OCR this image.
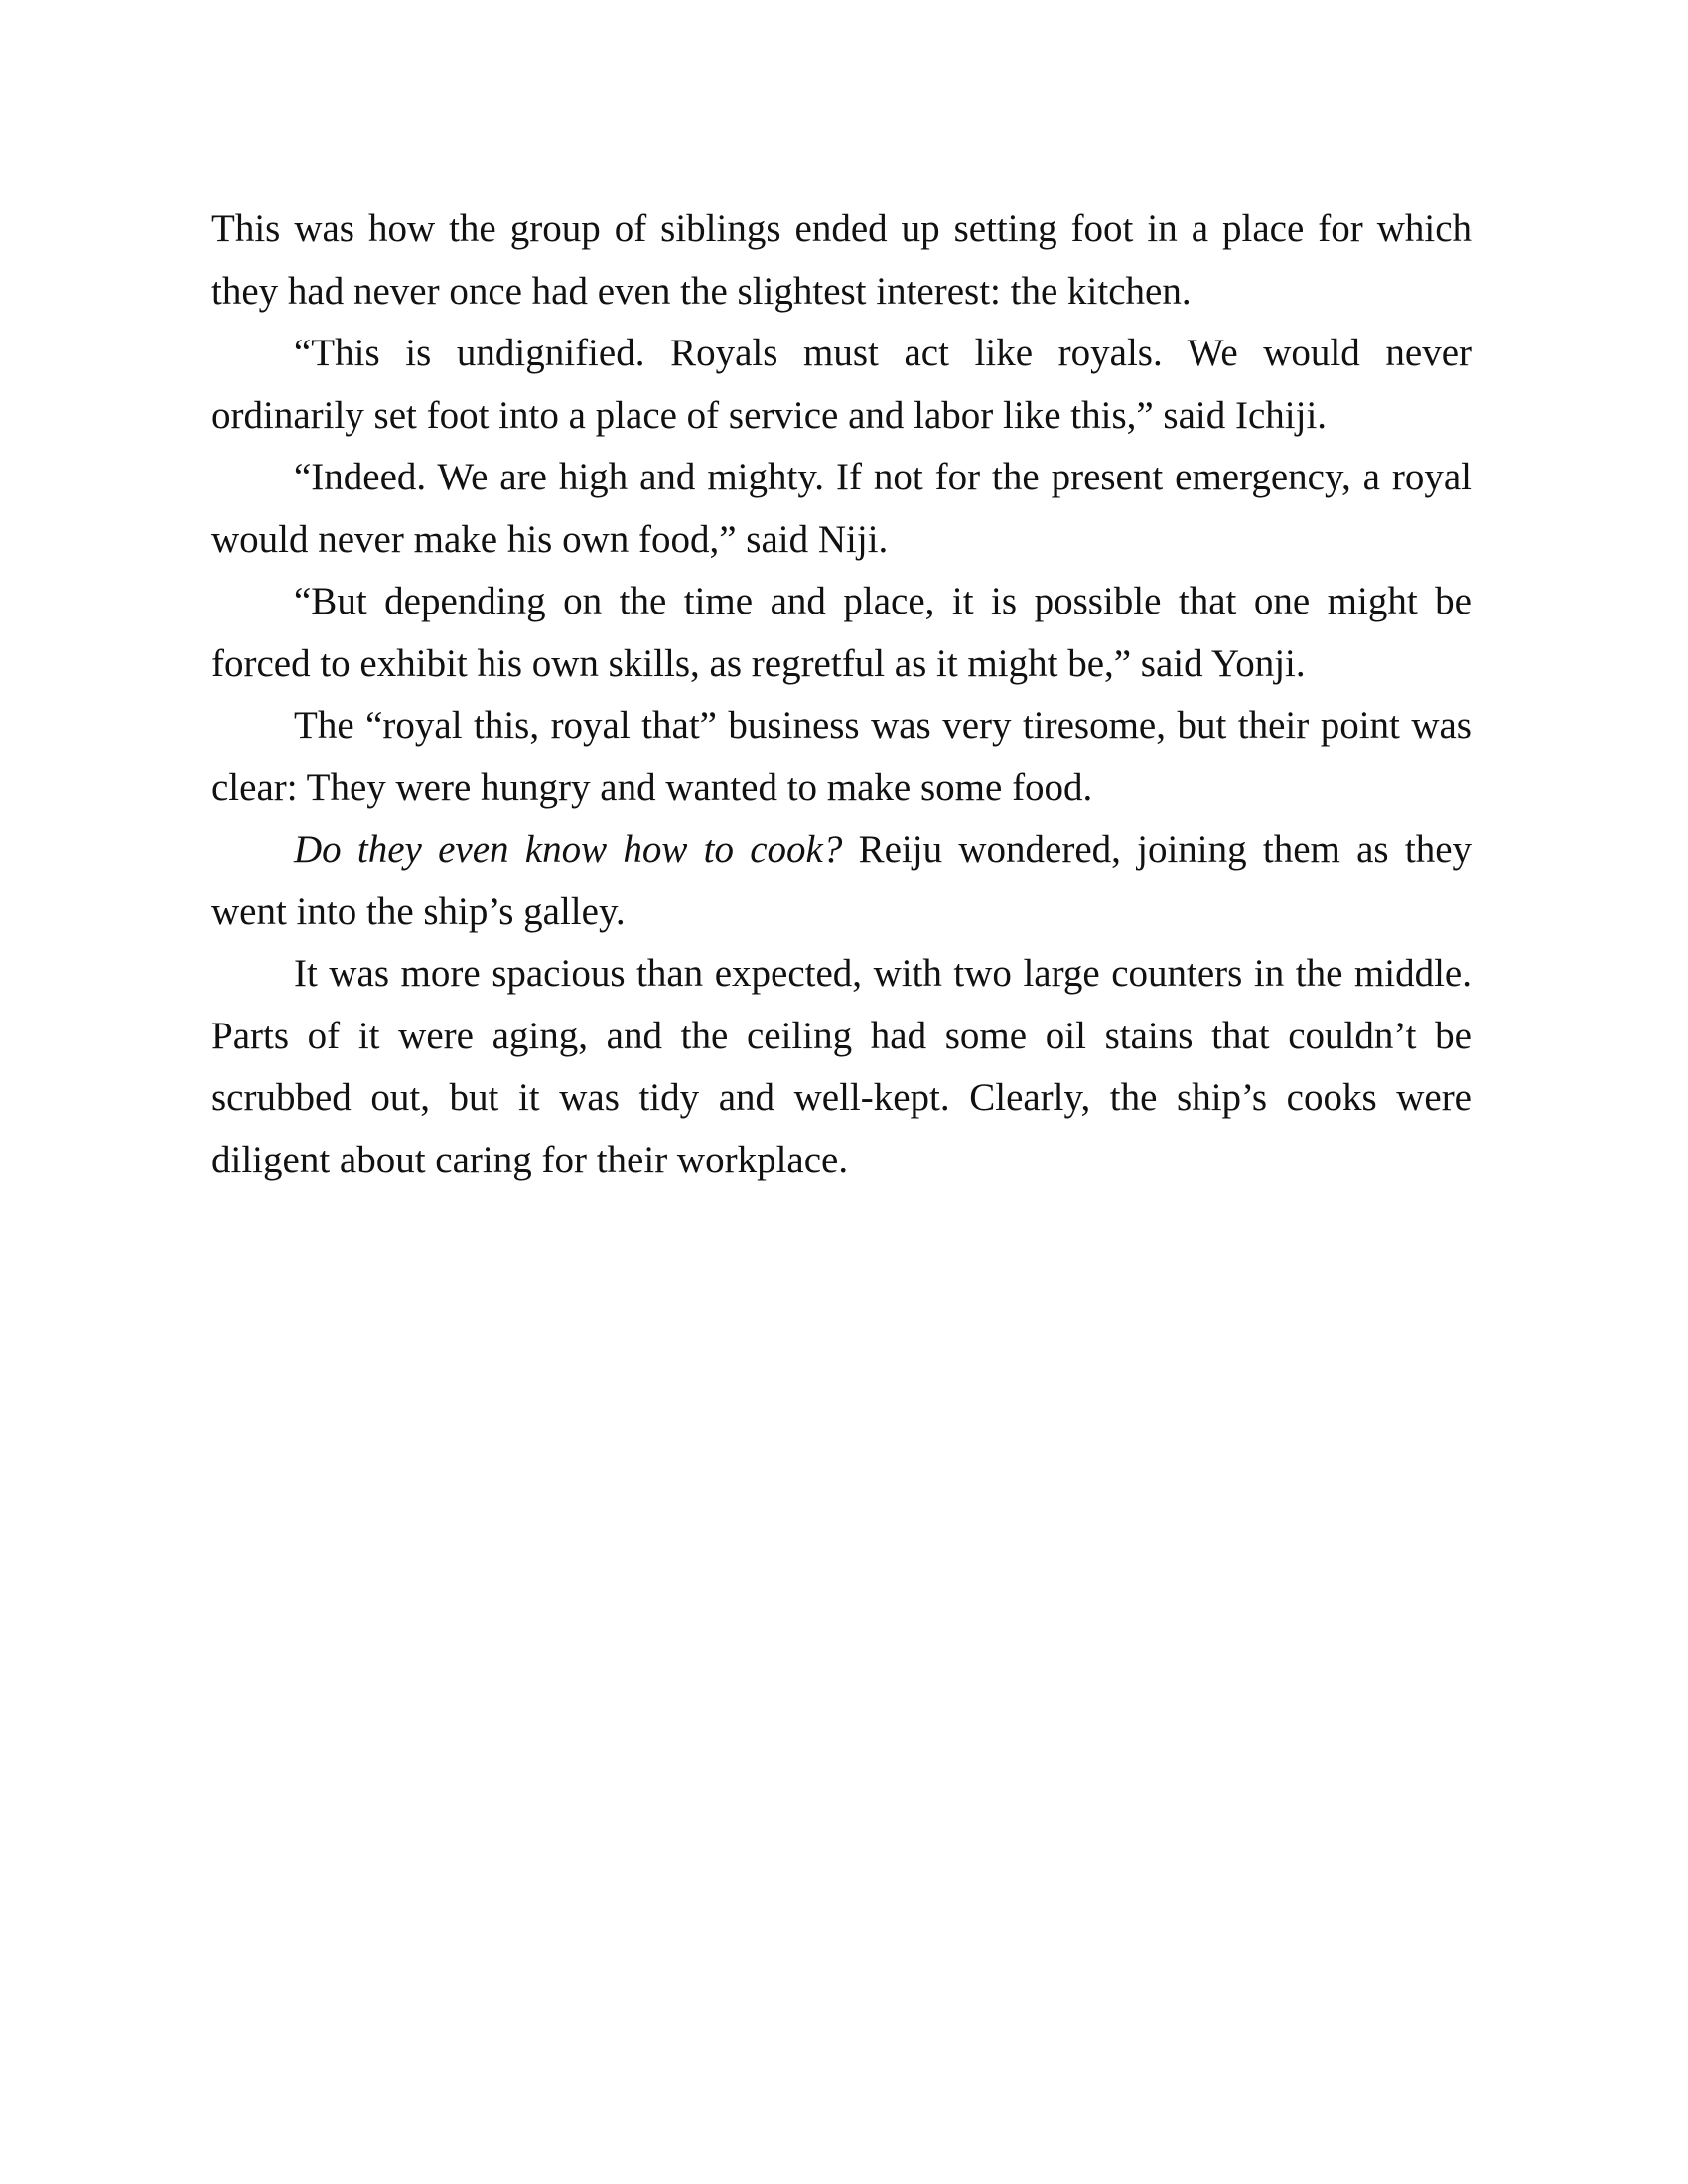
This was how the group of siblings ended up setting foot in a place for which they had never once had even the slightest interest: the kitchen.

“This is undignified. Royals must act like royals. We would never ordinarily set foot into a place of service and labor like this,” said Ichiji.

“Indeed. We are high and mighty. If not for the present emergency, a royal would never make his own food,” said Niji.

“But depending on the time and place, it is possible that one might be forced to exhibit his own skills, as regretful as it might be,” said Yonji.

The “royal this, royal that” business was very tiresome, but their point was clear: They were hungry and wanted to make some food.

Do they even know how to cook? Reiju wondered, joining them as they went into the ship’s galley.

It was more spacious than expected, with two large counters in the middle. Parts of it were aging, and the ceiling had some oil stains that couldn’t be scrubbed out, but it was tidy and well-kept. Clearly, the ship’s cooks were diligent about caring for their workplace.
